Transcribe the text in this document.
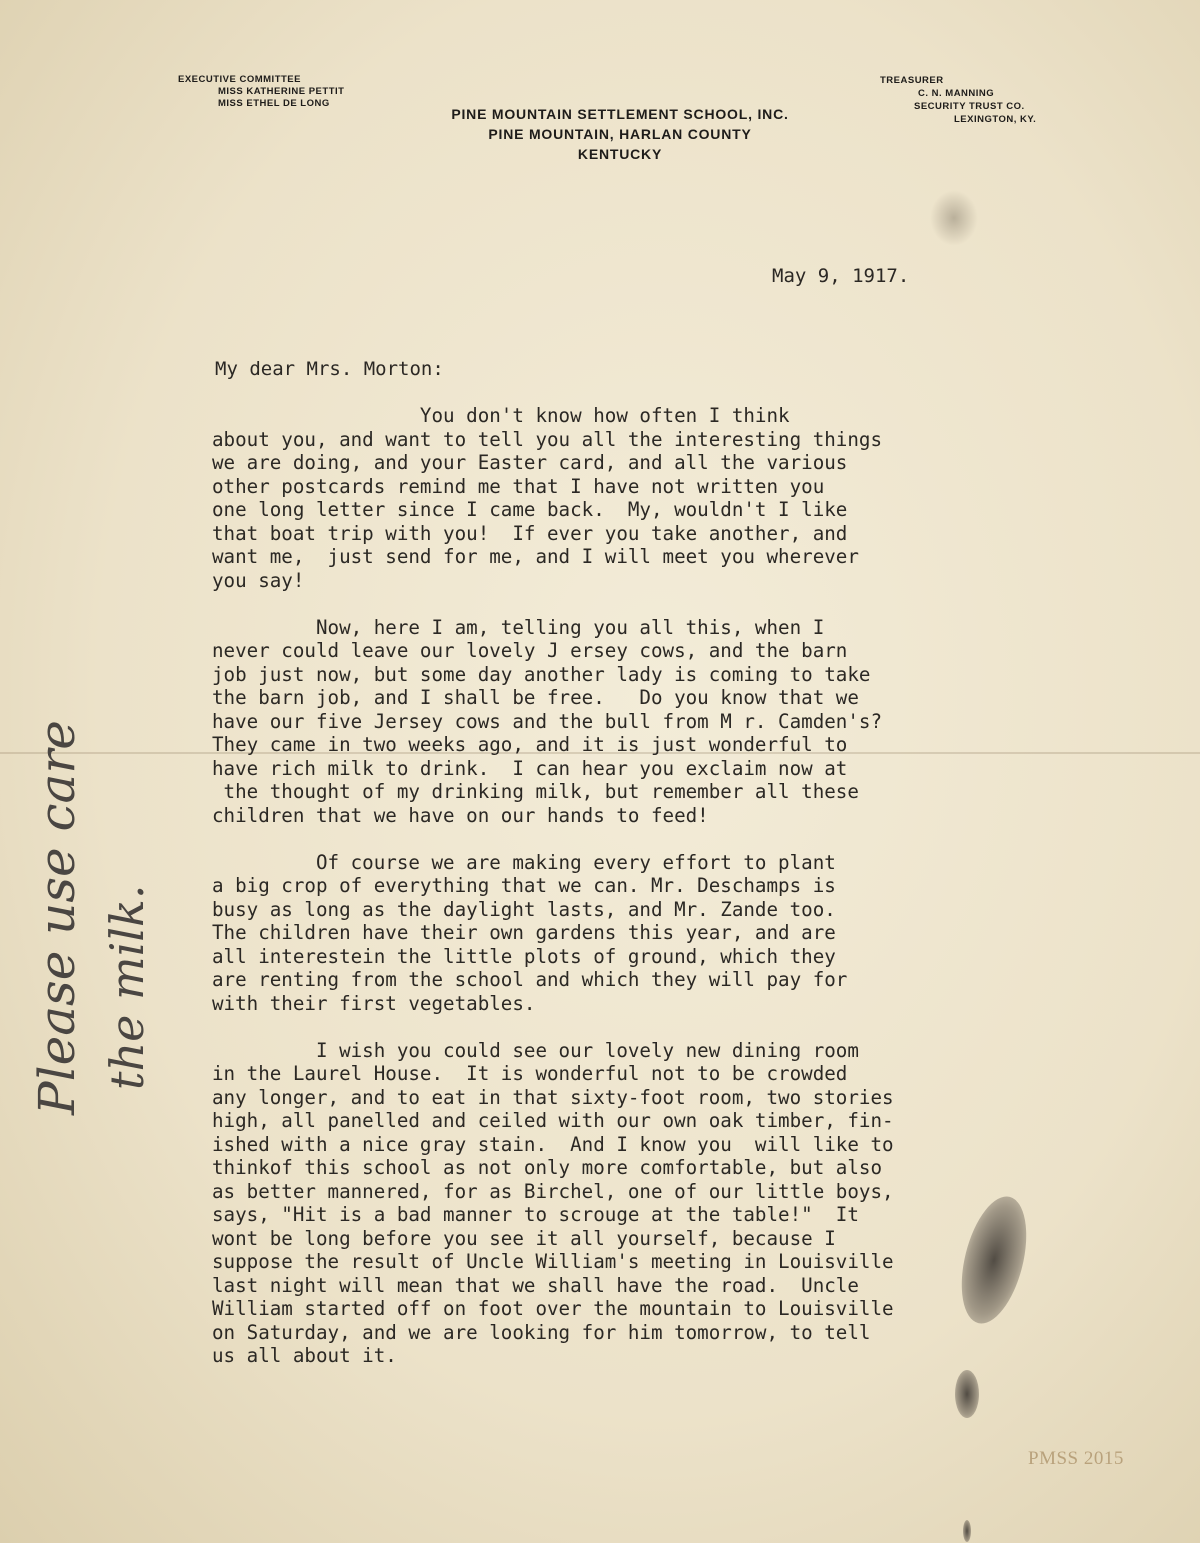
EXECUTIVE COMMITTEE
MISS KATHERINE PETTIT
MISS ETHEL DE LONG
PINE MOUNTAIN SETTLEMENT SCHOOL, INC.
PINE MOUNTAIN, HARLAN COUNTY
KENTUCKY
TREASURER
C. N. MANNING
SECURITY TRUST CO.
LEXINGTON, KY.
May 9, 1917.
My dear Mrs. Morton:

You don't know how often I think
about you, and want to tell you all the interesting things
we are doing, and your Easter card, and all the various
other postcards remind me that I have not written you
one long letter since I came back.  My, wouldn't I like
that boat trip with you!  If ever you take another, and
want me,  just send for me, and I will meet you wherever
you say!

Now, here I am, telling you all this, when I
never could leave our lovely J ersey cows, and the barn
job just now, but some day another lady is coming to take
the barn job, and I shall be free.   Do you know that we
have our five Jersey cows and the bull from M r. Camden's?
They came in two weeks ago, and it is just wonderful to
have rich milk to drink.  I can hear you exclaim now at
the thought of my drinking milk, but remember all these
children that we have on our hands to feed!

Of course we are making every effort to plant
a big crop of everything that we can. Mr. Deschamps is
busy as long as the daylight lasts, and Mr. Zande too.
The children have their own gardens this year, and are
all interestein the little plots of ground, which they
are renting from the school and which they will pay for
with their first vegetables.

I wish you could see our lovely new dining room
in the Laurel House.  It is wonderful not to be crowded
any longer, and to eat in that sixty-foot room, two stories
high, all panelled and ceiled with our own oak timber, fin-
ished with a nice gray stain.  And I know you  will like to
thinkof this school as not only more comfortable, but also
as better mannered, for as Birchel, one of our little boys,
says, "Hit is a bad manner to scrouge at the table!"  It
wont be long before you see it all yourself, because I
suppose the result of Uncle William's meeting in Louisville
last night will mean that we shall have the road.  Uncle
William started off on foot over the mountain to Louisville
on Saturday, and we are looking for him tomorrow, to tell
us all about it.

Please use care the milk.
PMSS 2015
